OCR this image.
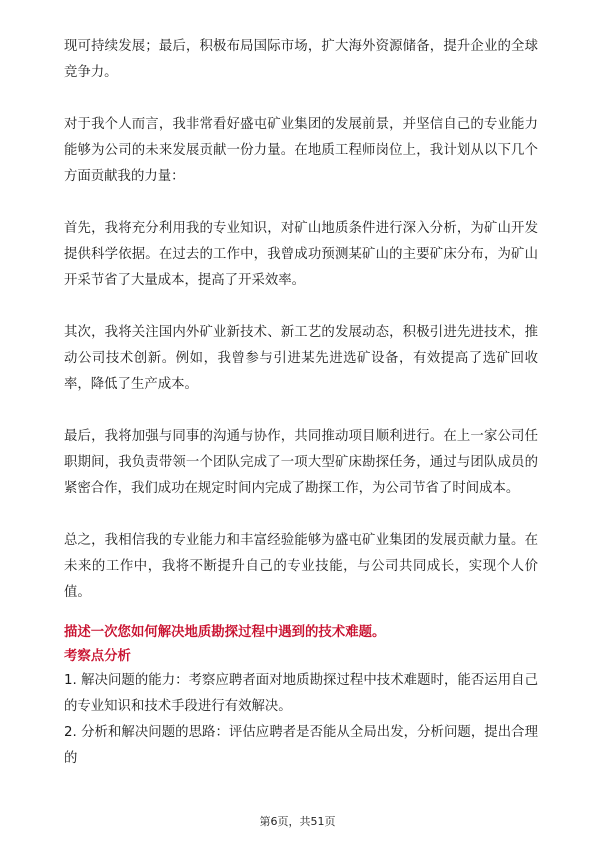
现可持续发展；最后，积极布局国际市场，扩大海外资源储备，提升企业的全球竞争力。

对于我个人而言，我非常看好盛屯矿业集团的发展前景，并坚信自己的专业能力能够为公司的未来发展贡献一份力量。在地质工程师岗位上，我计划从以下几个方面贡献我的力量：

首先，我将充分利用我的专业知识，对矿山地质条件进行深入分析，为矿山开发提供科学依据。在过去的工作中，我曾成功预测某矿山的主要矿床分布，为矿山开采节省了大量成本，提高了开采效率。

其次，我将关注国内外矿业新技术、新工艺的发展动态，积极引进先进技术，推动公司技术创新。例如，我曾参与引进某先进选矿设备，有效提高了选矿回收率，降低了生产成本。

最后，我将加强与同事的沟通与协作，共同推动项目顺利进行。在上一家公司任职期间，我负责带领一个团队完成了一项大型矿床勘探任务，通过与团队成员的紧密合作，我们成功在规定时间内完成了勘探工作，为公司节省了时间成本。

总之，我相信我的专业能力和丰富经验能够为盛屯矿业集团的发展贡献力量。在未来的工作中，我将不断提升自己的专业技能，与公司共同成长，实现个人价值。

描述一次您如何解决地质勘探过程中遇到的技术难题。

考察点分析

1. 解决问题的能力：考察应聘者面对地质勘探过程中技术难题时，能否运用自己的专业知识和技术手段进行有效解决。

2. 分析和解决问题的思路：评估应聘者是否能从全局出发，分析问题，提出合理的

第6页，共51页
